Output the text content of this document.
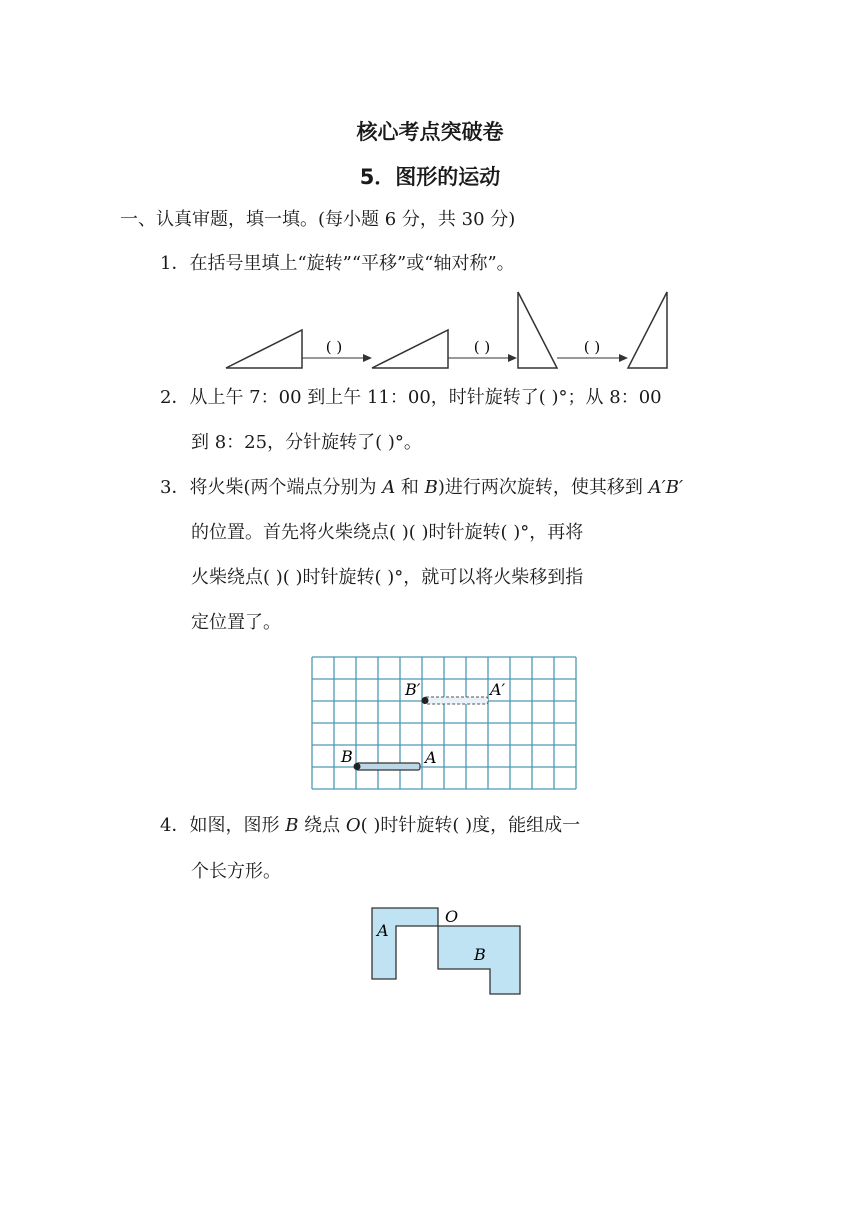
核心考点突破卷
5．图形的运动
一、认真审题，填一填。(每小题 6 分，共 30 分)
1．在括号里填上“旋转”“平移”或“轴对称”。
( )	( )	( )
2．从上午 7：00 到上午 11：00，时针旋转了( )°；从 8：00
到 8：25，分针旋转了( )°。
3．将火柴(两个端点分别为 A 和 B)进行两次旋转，使其移到 A′B′
的位置。首先将火柴绕点( )( )时针旋转( )°，再将
火柴绕点( )( )时针旋转( )°，就可以将火柴移到指
定位置了。
B′	A′
B	A
4．如图，图形 B 绕点 O( )时针旋转( )度，能组成一
个长方形。
A
O
B
